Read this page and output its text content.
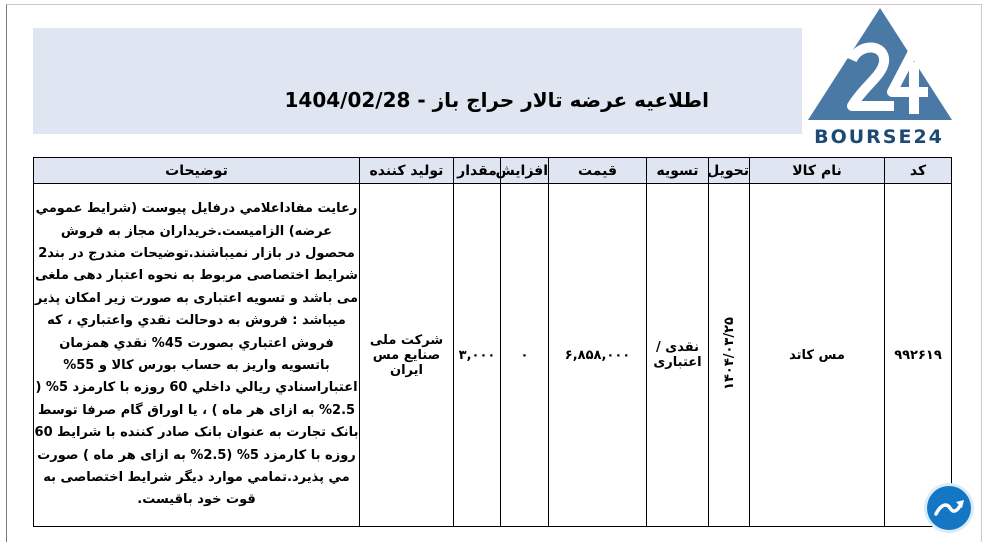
اطلاعیه عرضه تالار حراج باز - 1404/02/28
BOURSE24
کد	نام کالا	تحویل	تسویه	قیمت	افزایش	مقدار	تولید کننده	توضیحات
۹۹۲۶۱۹	مس کاتد	۱۴۰۴/۰۳/۲۵	نقدی / اعتباری	۶,۸۵۸,۰۰۰	۰	۳,۰۰۰	شرکت ملی صنایع مس ایران	رعایت مفاداعلامي درفایل پیوست (شرایط عمومي عرضه) الزامیست.خریداران مجاز به فروش محصول در بازار نمیباشند.توضیحات مندرج در بند2 شرایط اختصاصی مربوط به نحوه اعتبار دهی ملغی می باشد و تسویه اعتباری به صورت زیر امکان پذیر میباشد : فروش به دوحالت نقدي واعتباري ، که فروش اعتباري بصورت 45% نقدي همزمان باتسویه واریز به حساب بورس کالا و 55% اعتباراسنادي ریالي داخلي 60 روزه با کارمزد 5% ( 2.5% به ازای هر ماه ) ، یا اوراق گام صرفا توسط بانک تجارت به عنوان بانک صادر کننده با شرایط 60 روزه با کارمزد 5% (2.5% به ازای هر ماه ) صورت مي پذیرد.تمامي موارد دیگر شرایط اختصاصی به قوت خود باقیست.
